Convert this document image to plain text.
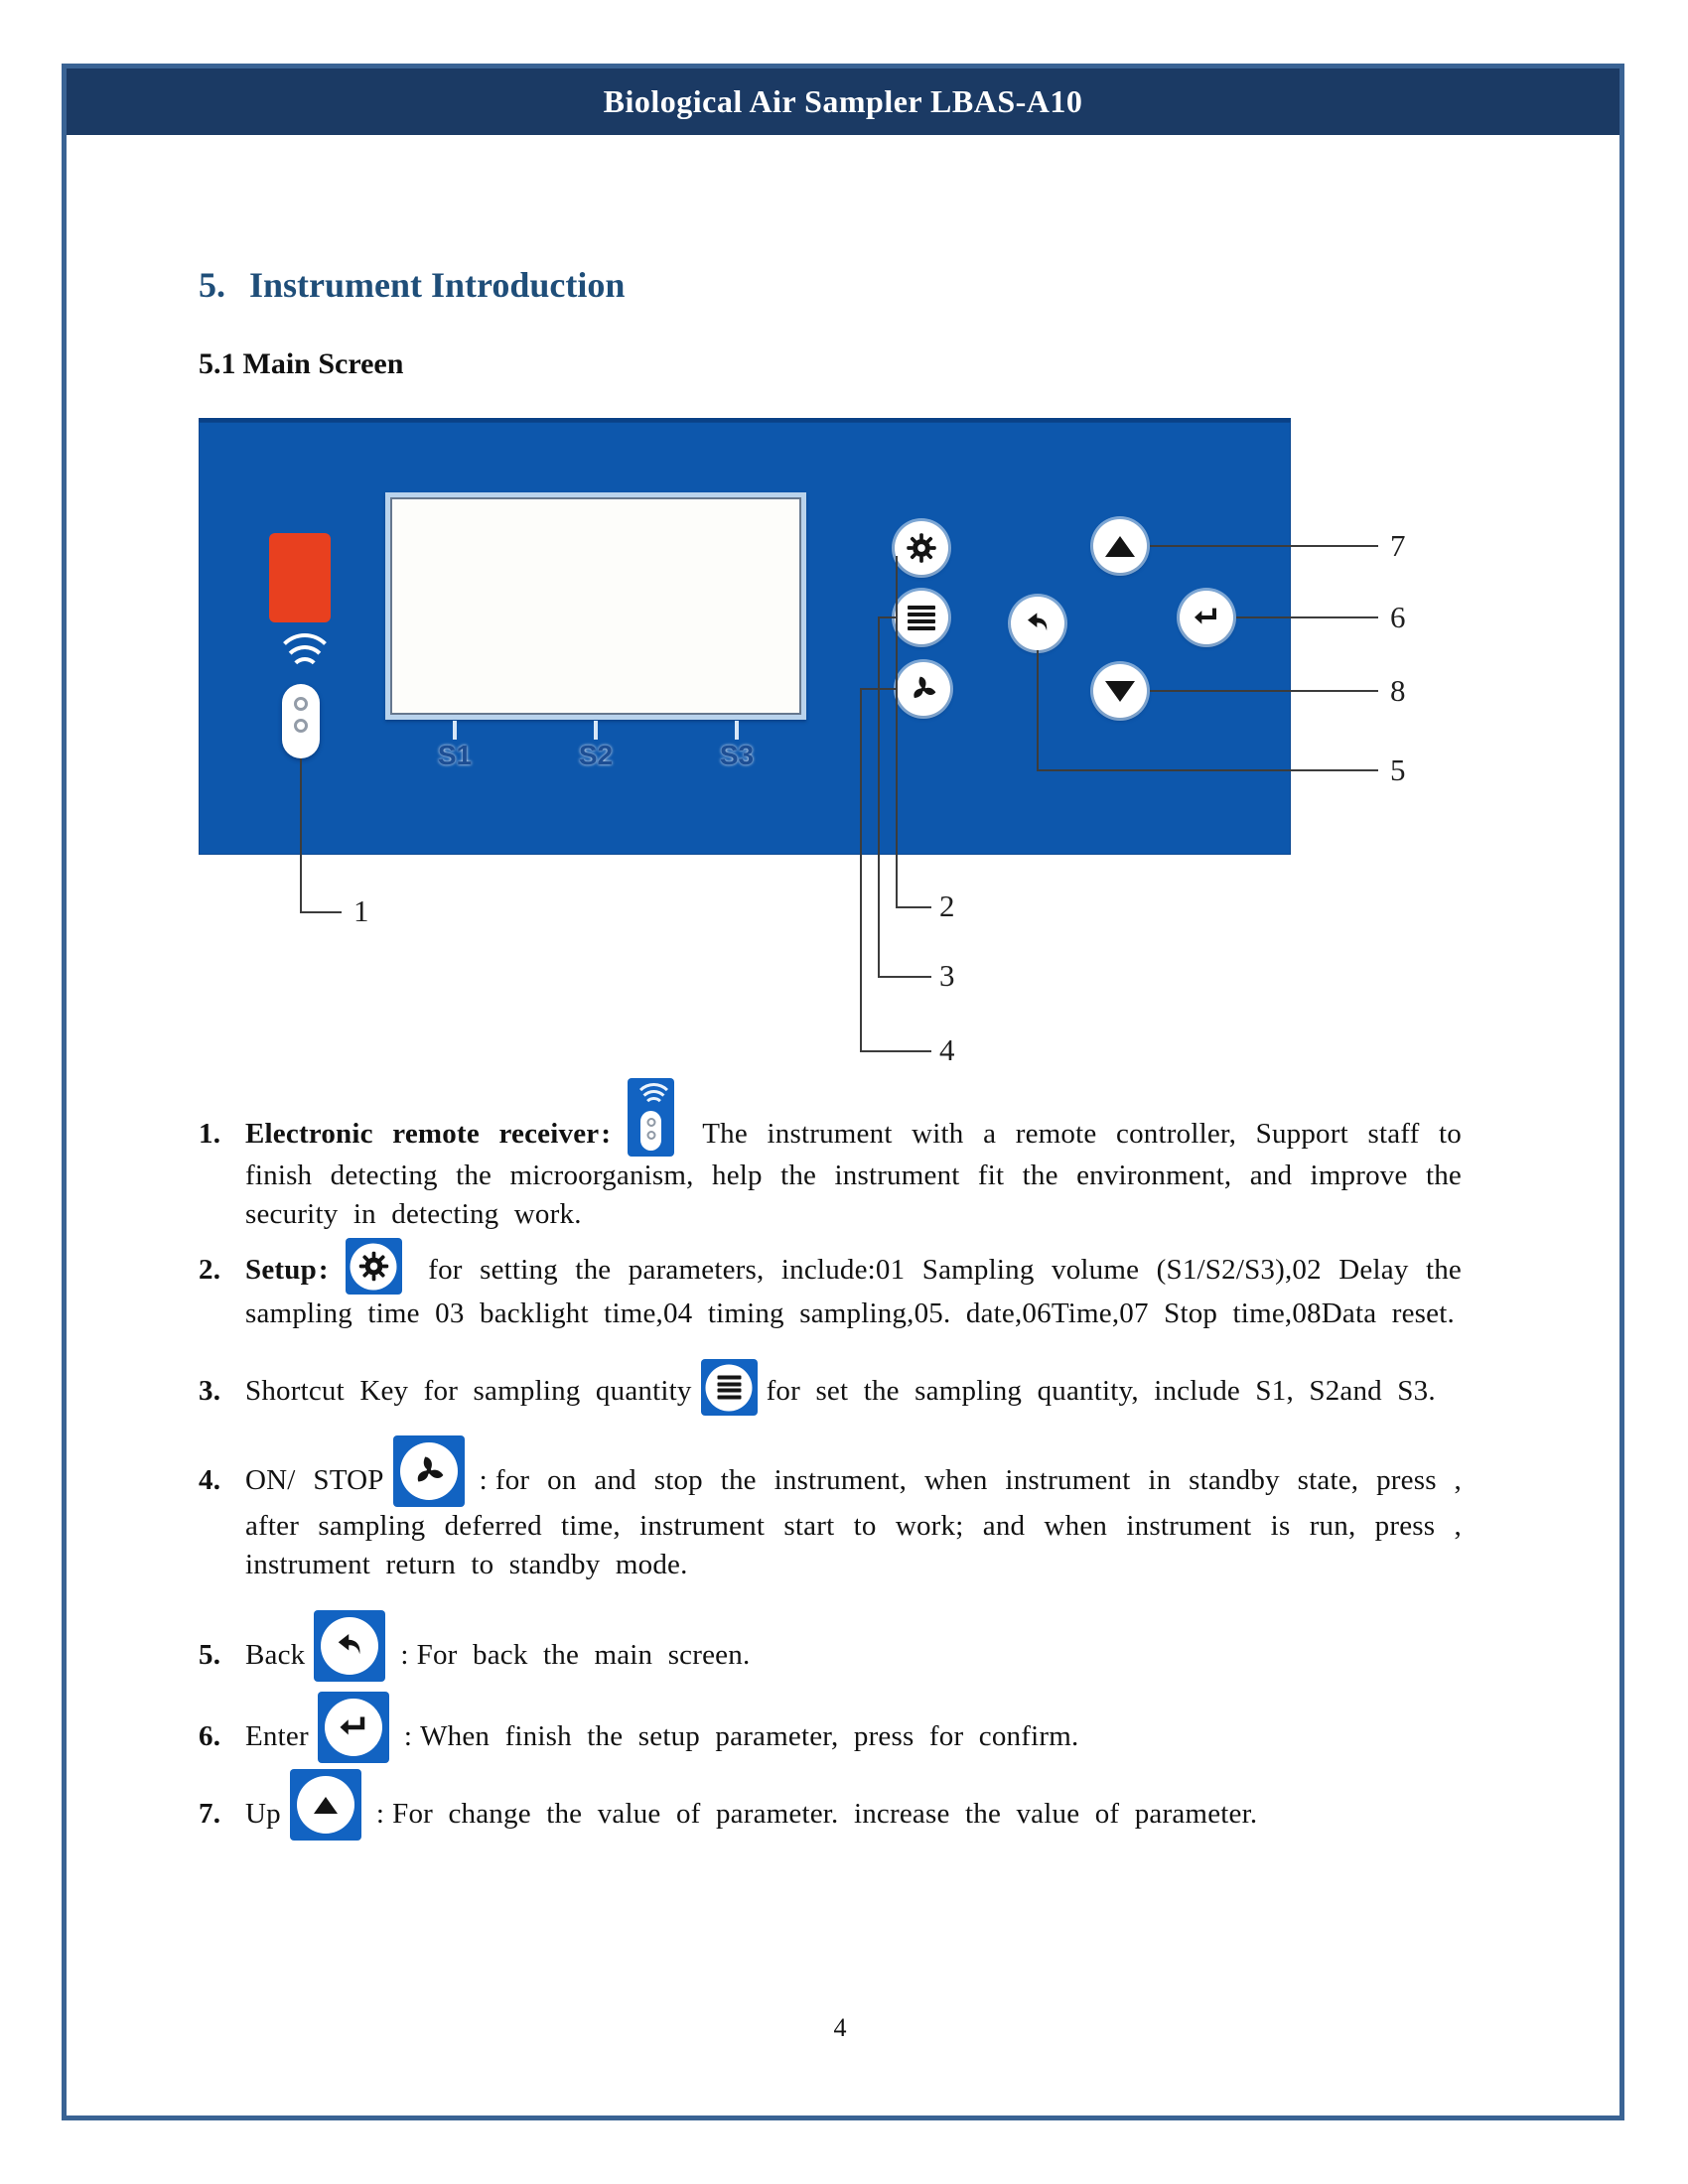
Biological Air Sampler LBAS-A10
5. Instrument Introduction
5.1 Main Screen
S1	S2	S3
1	2
3
4
5
6
7
8
1. Electronic remote receiver:	The instrument with a remote controller, Support staff to finish detecting the microorganism, help the instrument fit the environment, and improve the security in detecting work.
2. Setup:	for setting the parameters, include:01 Sampling volume (S1/S2/S3),02 Delay the sampling time 03 backlight time,04 timing sampling,05. date,06Time,07 Stop time,08Data reset.
3. Shortcut Key for sampling quantity	for set the sampling quantity, include S1, S2and S3.
4. ON/ STOP	: for on and stop the instrument, when instrument in standby state, press , after sampling deferred time, instrument start to work; and when instrument is run, press , instrument return to standby mode.
5. Back	: For back the main screen.
6. Enter	: When finish the setup parameter, press for confirm.
7. Up	: For change the value of parameter. increase the value of parameter.
4
